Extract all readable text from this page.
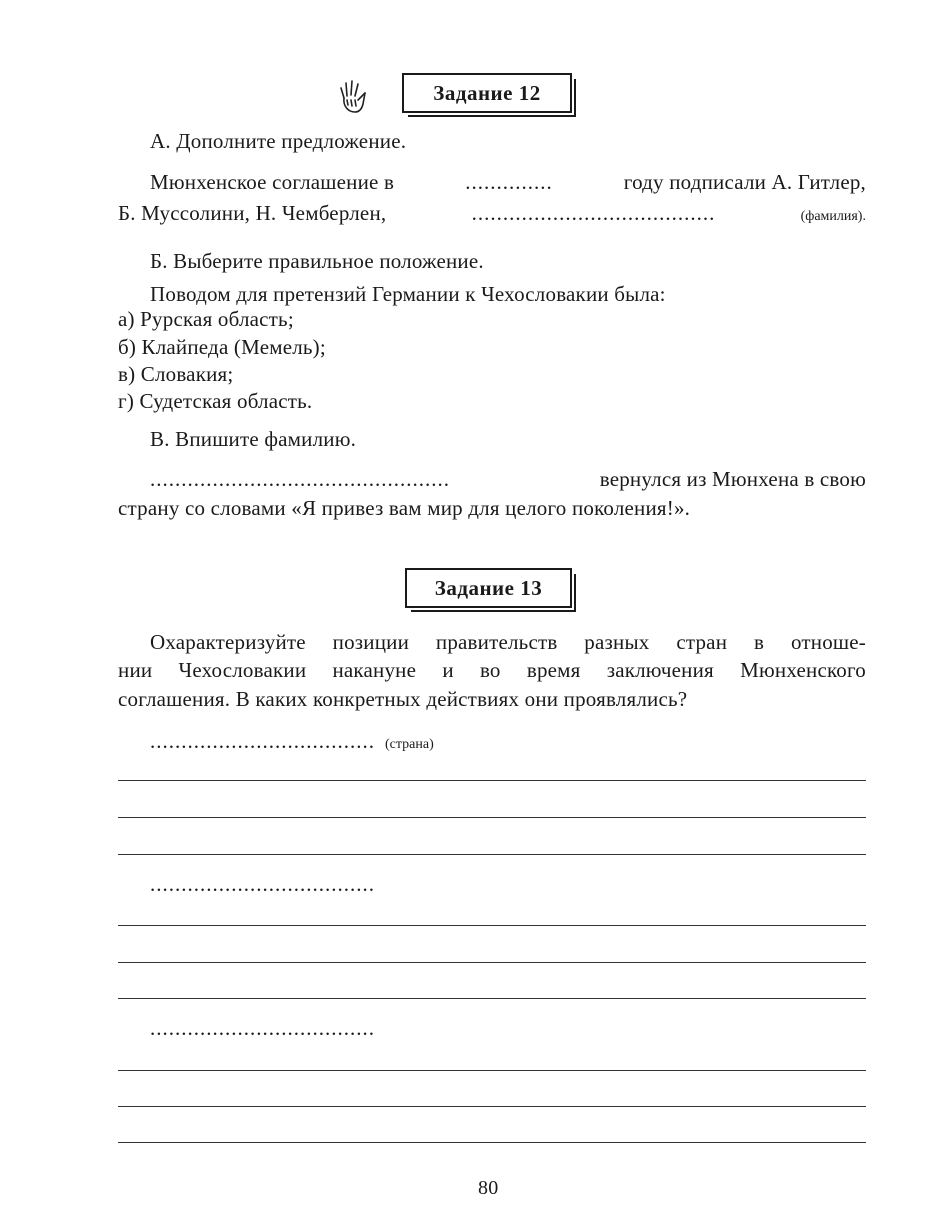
Задание 12
А. Дополните предложение.
Мюнхенское соглашение в	..............	году подписали А. Гитлер,
Б. Муссолини, Н. Чемберлен,	.......................................	(фамилия).
Б. Выберите правильное положение.
Поводом для претензий Германии к Чехословакии была:
а) Рурская область;
б) Клайпеда (Мемель);
в) Словакия;
г) Судетская область.
В. Впишите фамилию.
................................................	вернулся из Мюнхена в свою
страну со словами «Я привез вам мир для целого поколения!».
Задание 13
Охарактеризуйте позиции правительств разных стран в отноше-
нии Чехословакии накануне и во время заключения Мюнхенского
соглашения. В каких конкретных действиях они проявлялись?
.................................... (страна)
....................................
....................................
80
